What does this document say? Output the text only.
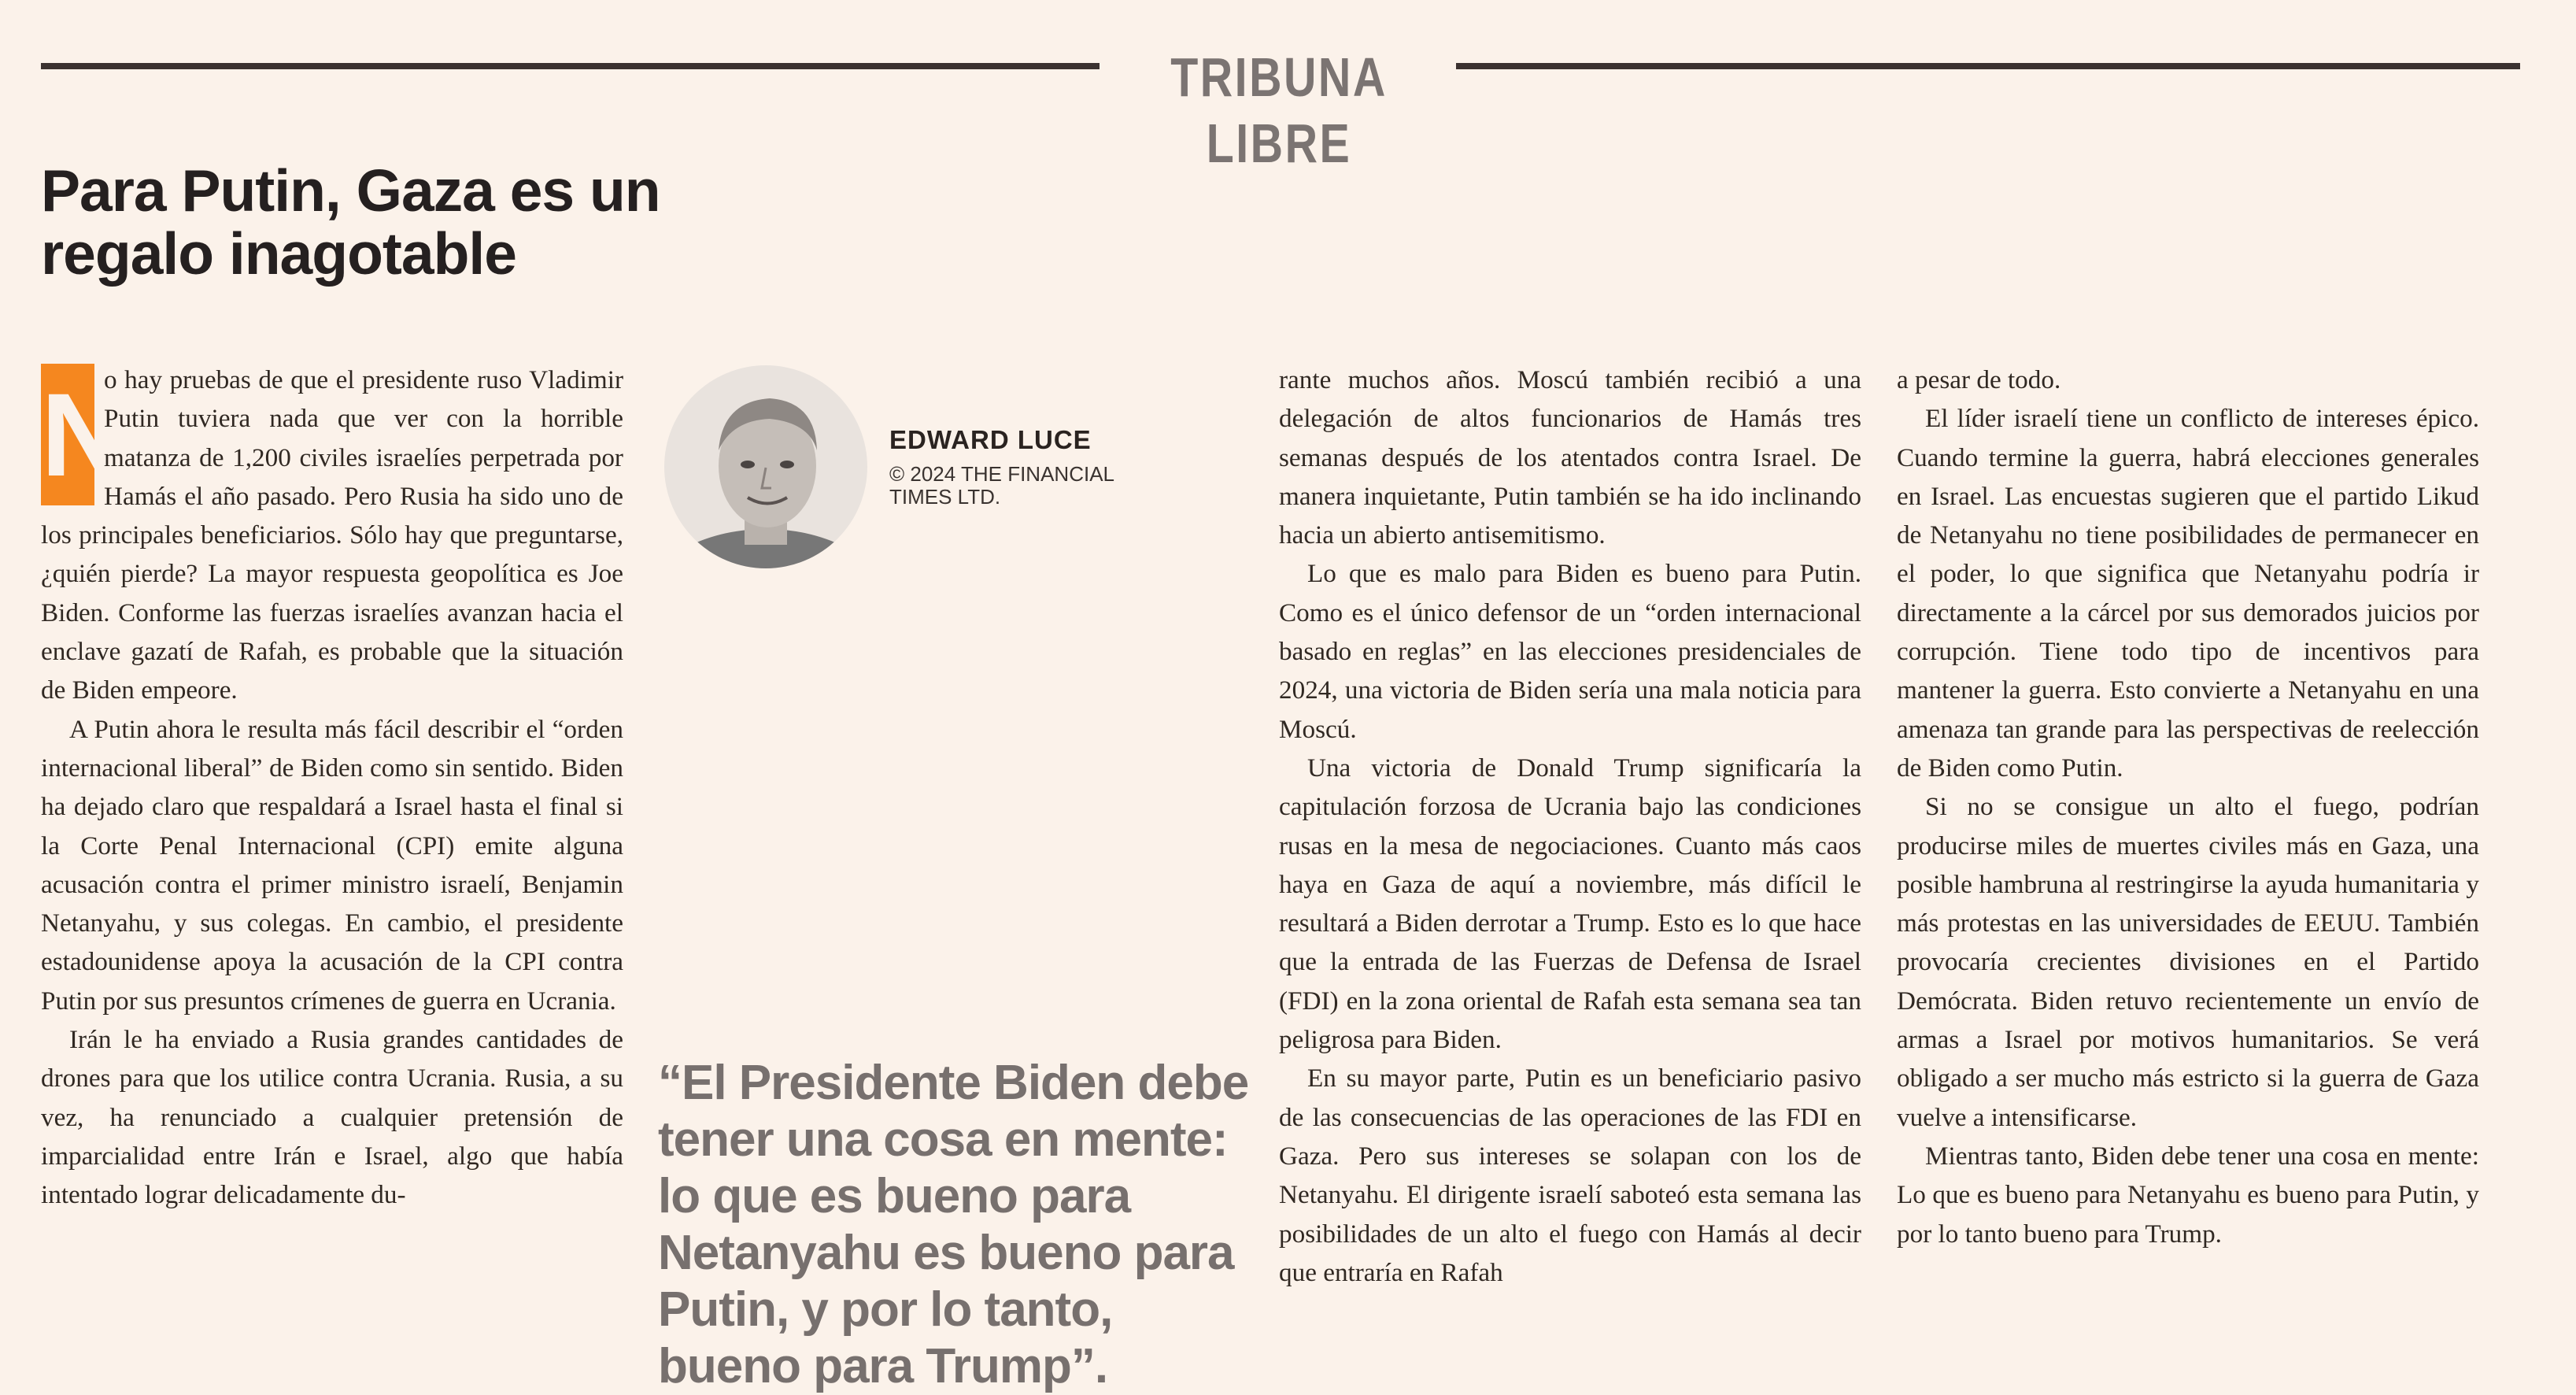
TRIBUNA LIBRE
Para Putin, Gaza es un regalo inagotable

N
o hay pruebas de que el presidente ruso Vladimir Putin tuviera nada que ver con la horrible matanza de 1,200 civiles israelíes perpetrada por Hamás el año pasado. Pero Rusia ha sido uno de los principales beneficiarios. Sólo hay que preguntarse, ¿quién pierde? La mayor respuesta geopolítica es Joe Biden. Conforme las fuerzas israelíes avanzan hacia el enclave gazatí de Rafah, es probable que la situación de Biden empeore.

A Putin ahora le resulta más fácil describir el “orden internacional liberal” de Biden como sin sentido. Biden ha dejado claro que respaldará a Israel hasta el final si la Corte Penal Internacional (CPI) emite alguna acusación contra el primer ministro israelí, Benjamin Netanyahu, y sus colegas. En cambio, el presidente estadounidense apoya la acusación de la CPI contra Putin por sus presuntos crímenes de guerra en Ucrania.

Irán le ha enviado a Rusia grandes cantidades de drones para que los utilice contra Ucrania. Rusia, a su vez, ha renunciado a cualquier pretensión de imparcialidad entre Irán e Israel, algo que había intentado lograr delicadamente du-

EDWARD LUCE
© 2024 THE FINANCIAL TIMES LTD.
“El Presidente Biden debe tener una cosa en mente: lo que es bueno para Netanyahu es bueno para Putin, y por lo tanto, bueno para Trump”.

rante muchos años. Moscú también recibió a una delegación de altos funcionarios de Hamás tres semanas después de los atentados contra Israel. De manera inquietante, Putin también se ha ido inclinando hacia un abierto antisemitismo.

Lo que es malo para Biden es bueno para Putin. Como es el único defensor de un “orden internacional basado en reglas” en las elecciones presidenciales de 2024, una victoria de Biden sería una mala noticia para Moscú.

Una victoria de Donald Trump significaría la capitulación forzosa de Ucrania bajo las condiciones rusas en la mesa de negociaciones. Cuanto más caos haya en Gaza de aquí a noviembre, más difícil le resultará a Biden derrotar a Trump. Esto es lo que hace que la entrada de las Fuerzas de Defensa de Israel (FDI) en la zona oriental de Rafah esta semana sea tan peligrosa para Biden.

En su mayor parte, Putin es un beneficiario pasivo de las consecuencias de las operaciones de las FDI en Gaza. Pero sus intereses se solapan con los de Netanyahu. El dirigente israelí saboteó esta semana las posibilidades de un alto el fuego con Hamás al decir que entraría en Rafah

a pesar de todo.

El líder israelí tiene un conflicto de intereses épico. Cuando termine la guerra, habrá elecciones generales en Israel. Las encuestas sugieren que el partido Likud de Netanyahu no tiene posibilidades de permanecer en el poder, lo que significa que Netanyahu podría ir directamente a la cárcel por sus demorados juicios por corrupción. Tiene todo tipo de incentivos para mantener la guerra. Esto convierte a Netanyahu en una amenaza tan grande para las perspectivas de reelección de Biden como Putin.

Si no se consigue un alto el fuego, podrían producirse miles de muertes civiles más en Gaza, una posible hambruna al restringirse la ayuda humanitaria y más protestas en las universidades de EEUU. También provocaría crecientes divisiones en el Partido Demócrata. Biden retuvo recientemente un envío de armas a Israel por motivos humanitarios. Se verá obligado a ser mucho más estricto si la guerra de Gaza vuelve a intensificarse.

Mientras tanto, Biden debe tener una cosa en mente: Lo que es bueno para Netanyahu es bueno para Putin, y por lo tanto bueno para Trump.
